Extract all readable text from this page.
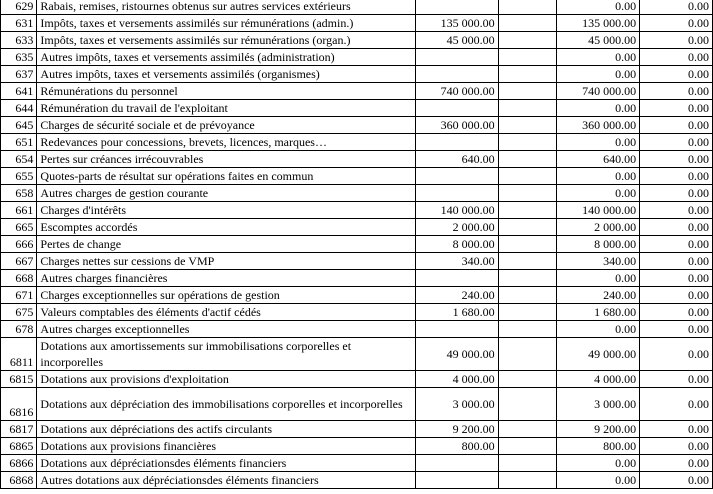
629	Rabais, remises, ristournes obtenus sur autres services extérieurs			0.00	0.00
631	Impôts, taxes et versements assimilés sur rémunérations (admin.)	135 000.00		135 000.00	0.00
633	Impôts, taxes et versements assimilés sur rémunérations (organ.)	45 000.00		45 000.00	0.00
635	Autres impôts, taxes et versements assimilés (administration)			0.00	0.00
637	Autres impôts, taxes et versements assimilés (organismes)			0.00	0.00
641	Rémunérations du personnel	740 000.00		740 000.00	0.00
644	Rémunération du travail de l'exploitant			0.00	0.00
645	Charges de sécurité sociale et de prévoyance	360 000.00		360 000.00	0.00
651	Redevances pour concessions, brevets, licences, marques…			0.00	0.00
654	Pertes sur créances irrécouvrables	640.00		640.00	0.00
655	Quotes-parts de résultat sur opérations faites en commun			0.00	0.00
658	Autres charges de gestion courante			0.00	0.00
661	Charges d'intérêts	140 000.00		140 000.00	0.00
665	Escomptes accordés	2 000.00		2 000.00	0.00
666	Pertes de change	8 000.00		8 000.00	0.00
667	Charges nettes sur cessions de VMP	340.00		340.00	0.00
668	Autres charges financières			0.00	0.00
671	Charges exceptionnelles sur opérations de gestion	240.00		240.00	0.00
675	Valeurs comptables des éléments d'actif cédés	1 680.00		1 680.00	0.00
678	Autres charges exceptionnelles			0.00	0.00
6811	Dotations aux amortissements sur immobilisations corporelles et incorporelles	49 000.00		49 000.00	0.00
6815	Dotations aux provisions d'exploitation	4 000.00		4 000.00	0.00
6816	Dotations aux dépréciation des immobilisations corporelles et incorporelles	3 000.00		3 000.00	0.00
6817	Dotations aux dépréciations des actifs circulants	9 200.00		9 200.00	0.00
6865	Dotations aux provisions financières	800.00		800.00	0.00
6866	Dotations aux dépréciationsdes éléments financiers			0.00	0.00
6868	Autres dotations aux dépréciationsdes éléments financiers			0.00	0.00
